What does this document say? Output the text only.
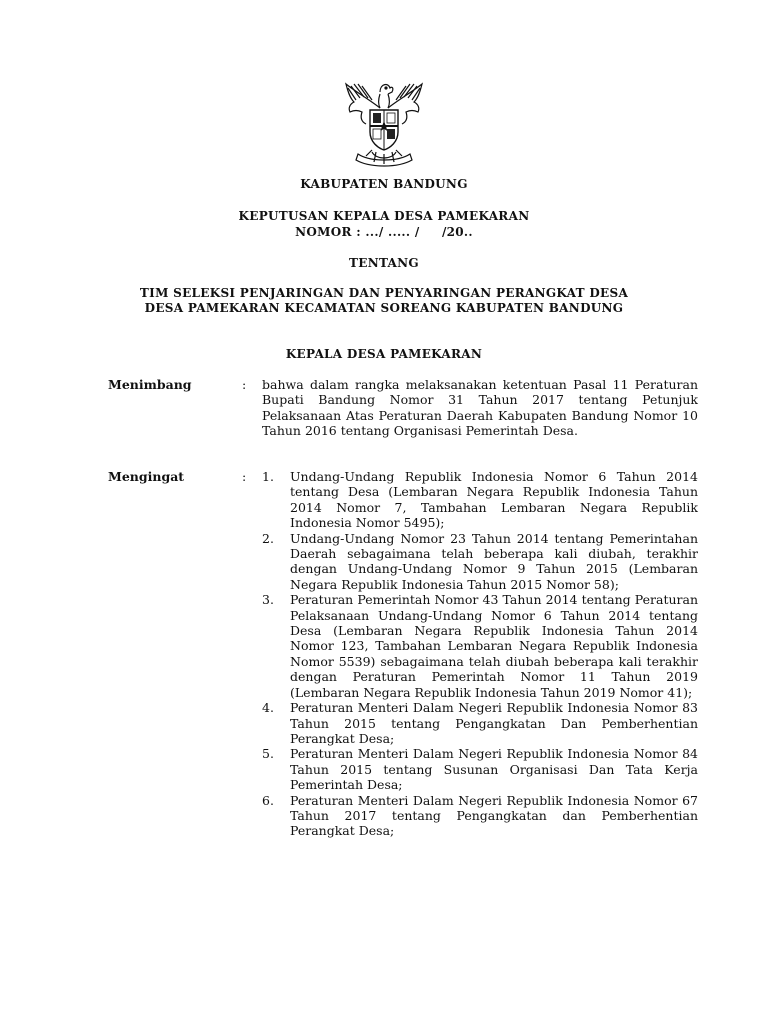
KABUPATEN BANDUNG
KEPUTUSAN KEPALA DESA PAMEKARAN
NOMOR : .../ ..... /     /20..
TENTANG
TIM SELEKSI PENJARINGAN DAN PENYARINGAN PERANGKAT DESA
DESA PAMEKARAN KECAMATAN SOREANG KABUPATEN BANDUNG
KEPALA DESA PAMEKARAN
Menimbang	: bahwa dalam rangka melaksanakan ketentuan Pasal 11 Peraturan Bupati Bandung Nomor 31 Tahun 2017 tentang Petunjuk Pelaksanaan Atas Peraturan Daerah Kabupaten Bandung Nomor 10 Tahun 2016 tentang Organisasi Pemerintah Desa.
Mengingat	: 1. Undang-Undang Republik Indonesia Nomor 6 Tahun 2014 tentang Desa (Lembaran Negara Republik Indonesia Tahun 2014 Nomor 7, Tambahan Lembaran Negara Republik Indonesia Nomor 5495);
2. Undang-Undang Nomor 23 Tahun 2014 tentang Pemerintahan Daerah sebagaimana telah beberapa kali diubah, terakhir dengan Undang-Undang Nomor 9 Tahun 2015 (Lembaran Negara Republik Indonesia Tahun 2015 Nomor 58);
3. Peraturan Pemerintah Nomor 43 Tahun 2014 tentang Peraturan Pelaksanaan Undang-Undang Nomor 6 Tahun 2014 tentang Desa (Lembaran Negara Republik Indonesia Tahun 2014 Nomor 123, Tambahan Lembaran Negara Republik Indonesia Nomor 5539) sebagaimana telah diubah beberapa kali terakhir dengan Peraturan Pemerintah Nomor 11 Tahun 2019 (Lembaran Negara Republik Indonesia Tahun 2019 Nomor 41);
4. Peraturan Menteri Dalam Negeri Republik Indonesia Nomor 83 Tahun 2015 tentang Pengangkatan Dan Pemberhentian Perangkat Desa;
5. Peraturan Menteri Dalam Negeri Republik Indonesia Nomor 84 Tahun 2015 tentang Susunan Organisasi Dan Tata Kerja Pemerintah Desa;
6. Peraturan Menteri Dalam Negeri Republik Indonesia Nomor 67 Tahun 2017 tentang Pengangkatan dan Pemberhentian Perangkat Desa;
